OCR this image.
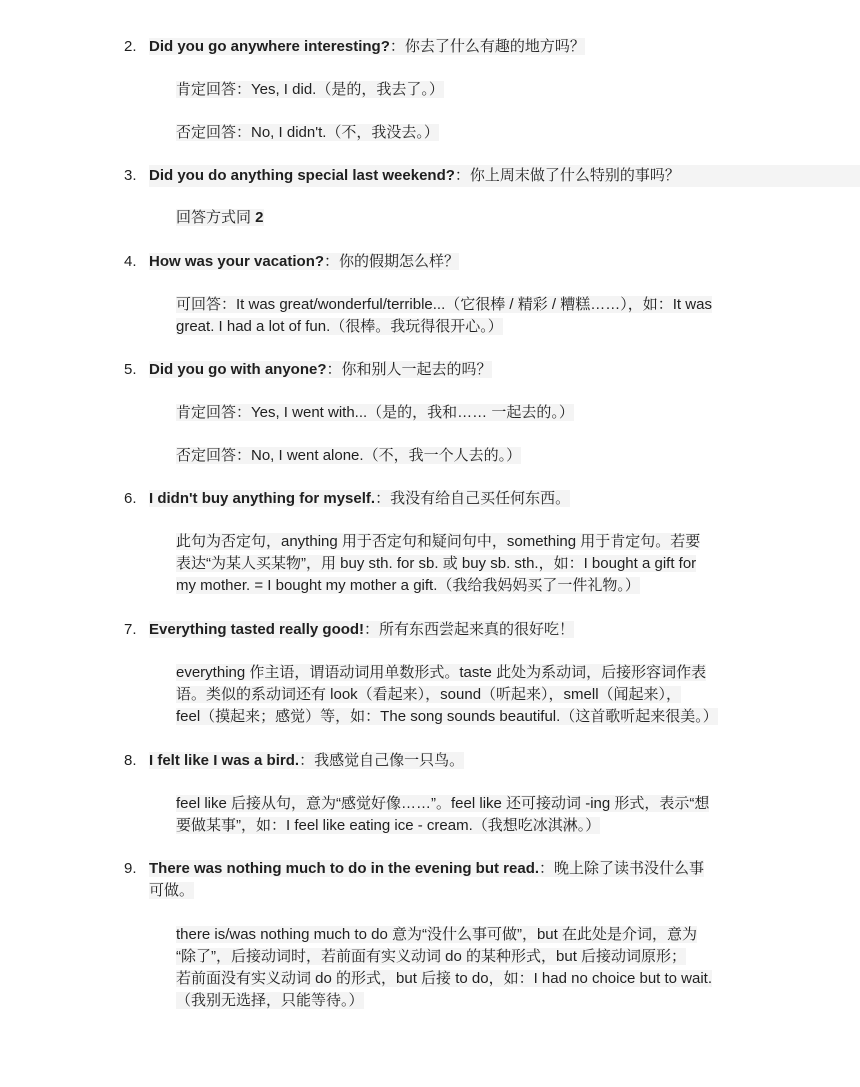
2. Did you go anywhere interesting?：你去了什么有趣的地方吗？
肯定回答：Yes, I did.（是的，我去了。）
否定回答：No, I didn't.（不，我没去。）
3. Did you do anything special last weekend?：你上周末做了什么特别的事吗？
回答方式同 2
4. How was your vacation?：你的假期怎么样？
可回答：It was great/wonderful/terrible...（它很棒 / 精彩 / 糟糕……），如：It was
great. I had a lot of fun.（很棒。我玩得很开心。）
5. Did you go with anyone?：你和别人一起去的吗？
肯定回答：Yes, I went with...（是的，我和…… 一起去的。）
否定回答：No, I went alone.（不，我一个人去的。）
6. I didn't buy anything for myself.：我没有给自己买任何东西。
此句为否定句，anything 用于否定句和疑问句中，something 用于肯定句。若要
表达“为某人买某物”，用 buy sth. for sb. 或 buy sb. sth.，如：I bought a gift for
my mother. = I bought my mother a gift.（我给我妈妈买了一件礼物。）
7. Everything tasted really good!：所有东西尝起来真的很好吃！
everything 作主语，谓语动词用单数形式。taste 此处为系动词，后接形容词作表
语。类似的系动词还有 look（看起来），sound（听起来），smell（闻起来），
feel（摸起来；感觉）等，如：The song sounds beautiful.（这首歌听起来很美。）
8. I felt like I was a bird.：我感觉自己像一只鸟。
feel like 后接从句，意为“感觉好像……”。feel like 还可接动词 -ing 形式，表示“想
要做某事”，如：I feel like eating ice - cream.（我想吃冰淇淋。）
9. There was nothing much to do in the evening but read.：晚上除了读书没什么事
可做。
there is/was nothing much to do 意为“没什么事可做”，but 在此处是介词，意为
“除了”，后接动词时，若前面有实义动词 do 的某种形式，but 后接动词原形；
若前面没有实义动词 do 的形式，but 后接 to do，如：I had no choice but to wait.
（我别无选择，只能等待。）
